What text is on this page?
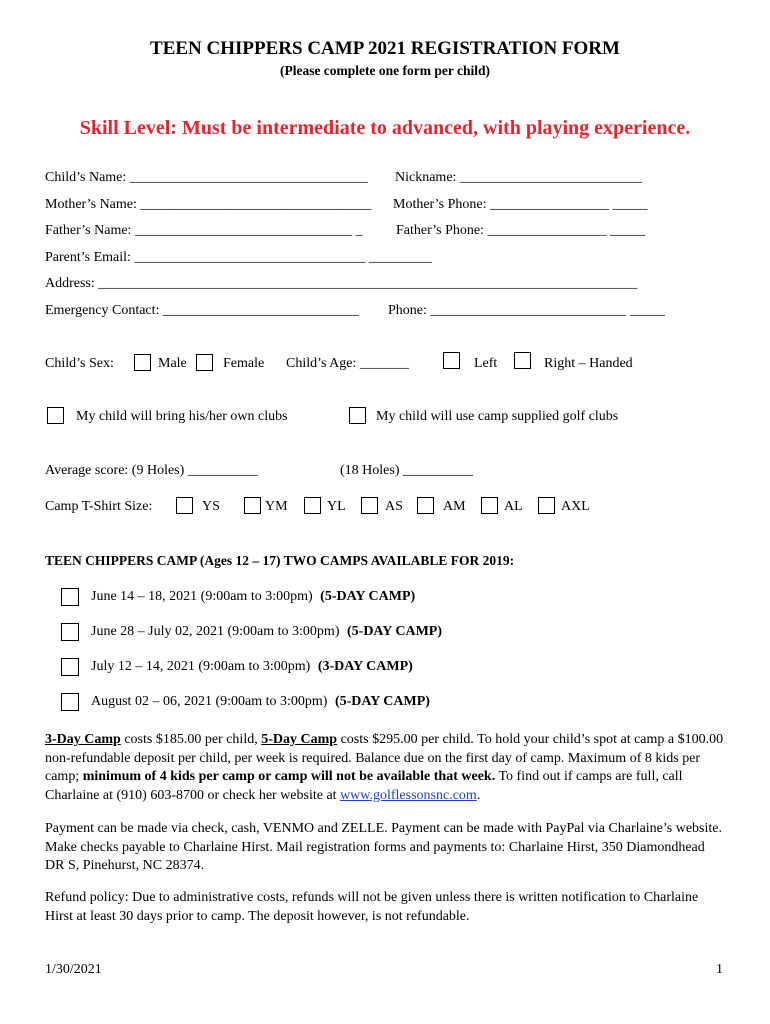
TEEN CHIPPERS CAMP 2021 REGISTRATION FORM
(Please complete one form per child)
Skill Level: Must be intermediate to advanced, with playing experience.
Child’s Name: __________________________________ Nickname: __________________________
Mother’s Name: _________________________________ Mother’s Phone: _________________ _____
Father’s Name: _______________________________ _ Father’s Phone: _________________ _____
Parent’s Email: _________________________________ _________
Address: _____________________________________________________________________________
Emergency Contact: ____________________________ Phone: ____________________________ _____
Child’s Sex:	Male	Female Child’s Age: _______	Left	Right – Handed
My child will bring his/her own clubs	My child will use camp supplied golf clubs
Average score: (9 Holes) __________	(18 Holes) __________
Camp T-Shirt Size:	YS	YM	YL	AS	AM	AL	AXL
TEEN CHIPPERS CAMP (Ages 12 – 17) TWO CAMPS AVAILABLE FOR 2019:
June 14 – 18, 2021 (9:00am to 3:00pm) (5-DAY CAMP)
June 28 – July 02, 2021 (9:00am to 3:00pm) (5-DAY CAMP)
July 12 – 14, 2021 (9:00am to 3:00pm) (3-DAY CAMP)
August 02 – 06, 2021 (9:00am to 3:00pm) (5-DAY CAMP)
3-Day Camp costs $185.00 per child, 5-Day Camp costs $295.00 per child. To hold your child’s spot at camp a $100.00 non-refundable deposit per child, per week is required. Balance due on the first day of camp. Maximum of 8 kids per camp; minimum of 4 kids per camp or camp will not be available that week. To find out if camps are full, call Charlaine at (910) 603-8700 or check her website at www.golflessonsnc.com.
Payment can be made via check, cash, VENMO and ZELLE. Payment can be made with PayPal via Charlaine’s website. Make checks payable to Charlaine Hirst. Mail registration forms and payments to: Charlaine Hirst, 350 Diamondhead DR S, Pinehurst, NC 28374.
Refund policy: Due to administrative costs, refunds will not be given unless there is written notification to Charlaine Hirst at least 30 days prior to camp. The deposit however, is not refundable.
1/30/2021	1
